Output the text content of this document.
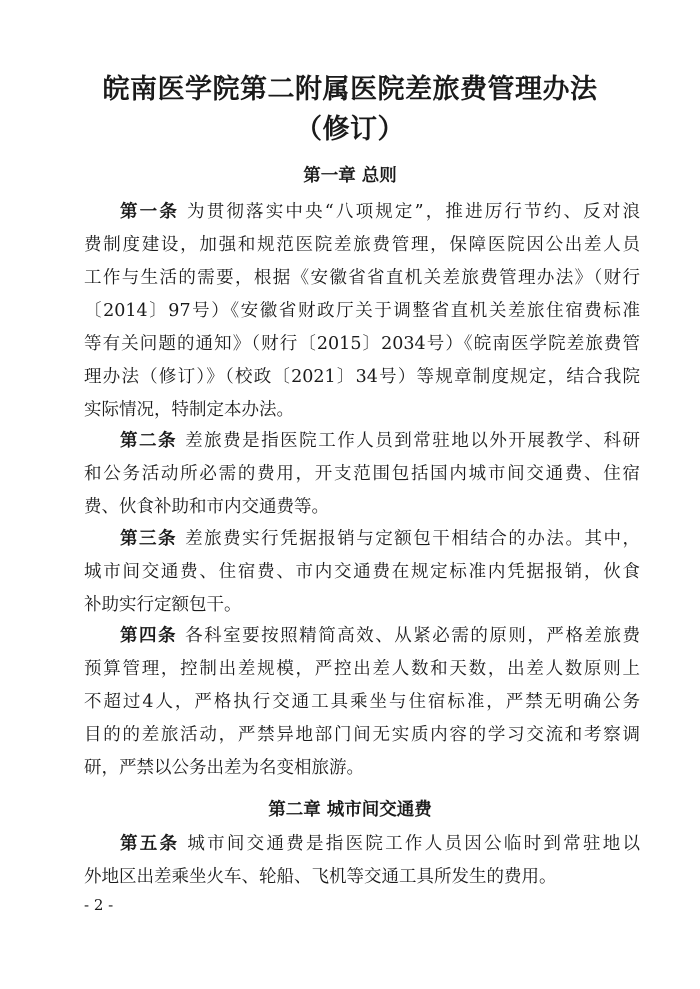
皖南医学院第二附属医院差旅费管理办法
（修订）
第一章 总则
第一条 为贯彻落实中央“八项规定”，推进厉行节约、反对浪
费制度建设，加强和规范医院差旅费管理，保障医院因公出差人员
工作与生活的需要，根据《安徽省省直机关差旅费管理办法》（财行
〔2014〕97号）《安徽省财政厅关于调整省直机关差旅住宿费标准
等有关问题的通知》（财行〔2015〕2034号）《皖南医学院差旅费管
理办法（修订）》（校政〔2021〕34号）等规章制度规定，结合我院
实际情况，特制定本办法。
第二条 差旅费是指医院工作人员到常驻地以外开展教学、科研
和公务活动所必需的费用，开支范围包括国内城市间交通费、住宿
费、伙食补助和市内交通费等。
第三条 差旅费实行凭据报销与定额包干相结合的办法。其中，
城市间交通费、住宿费、市内交通费在规定标准内凭据报销，伙食
补助实行定额包干。
第四条 各科室要按照精简高效、从紧必需的原则，严格差旅费
预算管理，控制出差规模，严控出差人数和天数，出差人数原则上
不超过4人，严格执行交通工具乘坐与住宿标准，严禁无明确公务
目的的差旅活动，严禁异地部门间无实质内容的学习交流和考察调
研，严禁以公务出差为名变相旅游。
第二章 城市间交通费
第五条 城市间交通费是指医院工作人员因公临时到常驻地以
外地区出差乘坐火车、轮船、飞机等交通工具所发生的费用。
- 2 -
